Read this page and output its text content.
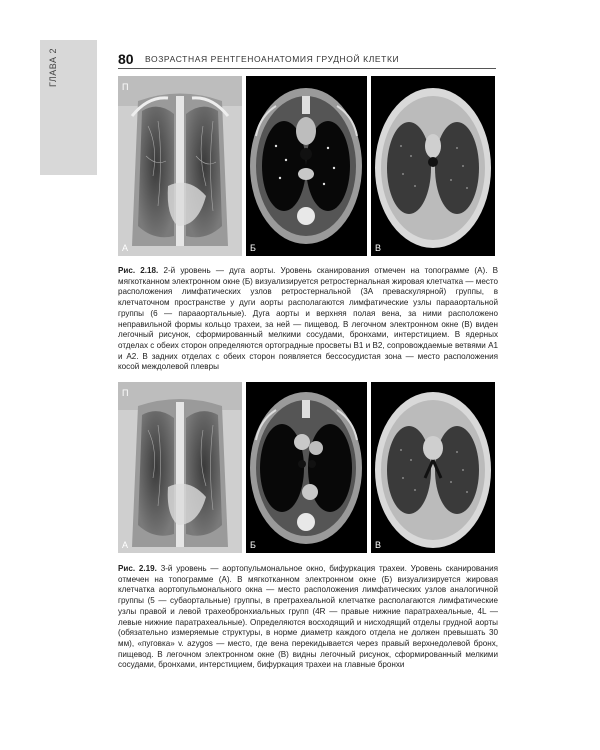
ГЛАВА 2	80 ВОЗРАСТНАЯ РЕНТГЕНОАНАТОМИЯ ГРУДНОЙ КЛЕТКИ
П
А	Б	В
Рис. 2.18. 2-й уровень — дуга аорты. Уровень сканирования отмечен на топограмме (А). В мягкотканном электронном окне (Б) визуализируется ретростернальная жировая клетчатка — место расположения лимфатических узлов ретростернальной (3А преваскулярной) группы, в клетчаточном пространстве у дуги аорты располагаются лимфатические узлы парааортальной группы (6 — парааортальные). Дуга аорты и верхняя полая вена, за ними расположено неправильной формы кольцо трахеи, за ней — пищевод. В легочном электронном окне (В) виден легочный рисунок, сформированный мелкими сосудами, бронхами, интерстицием. В ядерных отделах с обеих сторон определяются ортоградные просветы В1 и В2, сопровождаемые ветвями А1 и А2. В задних отделах с обеих сторон появляется бессосудистая зона — место расположения косой междолевой плевры
П
А	Б	В
Рис. 2.19. 3-й уровень — аортопульмональное окно, бифуркация трахеи. Уровень сканирования отмечен на топограмме (А). В мягкотканном электронном окне (Б) визуализируется жировая клетчатка аортопульмонального окна — место расположения лимфатических узлов аналогичной группы (5 — субаортальные) группы, в претрахеальной клетчатке располагаются лимфатические узлы правой и левой трахеобронхиальных групп (4R — правые нижние паратрахеальные, 4L — левые нижние паратрахеальные). Определяются восходящий и нисходящий отделы грудной аорты (обязательно измеряемые структуры, в норме диаметр каждого отдела не должен превышать 30 мм), «пуговка» v. azygos — место, где вена перекидывается через правый верхнедолевой бронх, пищевод. В легочном электронном окне (В) видны легочный рисунок, сформированный мелкими сосудами, бронхами, интерстицием, бифуркация трахеи на главные бронхи
